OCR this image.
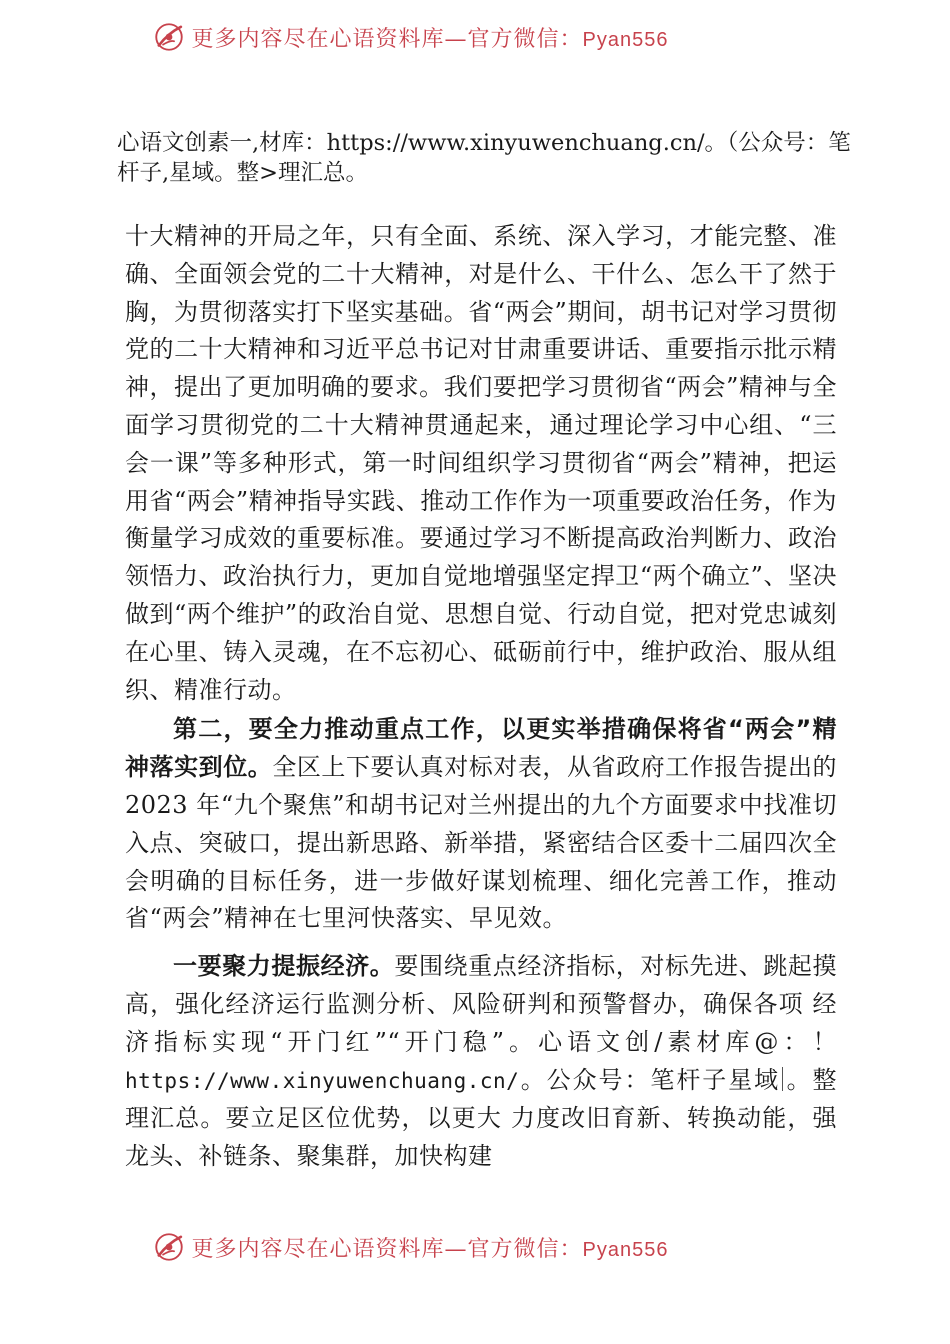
更多内容尽在心语资料库—官方微信：Pyan556
心语文创素一,材库：https://www.xinyuwenchuang.cn/。（公众号：笔杆子,星域。整>理汇总。

十大精神的开局之年，只有全面、系统、深入学习，才能完整、准确、全面领会党的二十大精神，对是什么、干什么、怎么干了然于胸，为贯彻落实打下坚实基础。省“两会”期间，胡书记对学习贯彻党的二十大精神和习近平总书记对甘肃重要讲话、重要指示批示精神，提出了更加明确的要求。我们要把学习贯彻省“两会”精神与全面学习贯彻党的二十大精神贯通起来，通过理论学习中心组、“三会一课”等多种形式，第一时间组织学习贯彻省“两会”精神，把运用省“两会”精神指导实践、推动工作作为一项重要政治任务，作为衡量学习成效的重要标准。要通过学习不断提高政治判断力、政治领悟力、政治执行力，更加自觉地增强坚定捍卫“两个确立”、坚决做到“两个维护”的政治自觉、思想自觉、行动自觉，把对党忠诚刻在心里、铸入灵魂，在不忘初心、砥砺前行中，维护政治、服从组织、精准行动。

第二，要全力推动重点工作，以更实举措确保将省“两会”精神落实到位。全区上下要认真对标对表，从省政府工作报告提出的 2023 年“九个聚焦”和胡书记对兰州提出的九个方面要求中找准切入点、突破口，提出新思路、新举措，紧密结合区委十二届四次全会明确的目标任务，进一步做好谋划梳理、细化完善工作，推动省“两会”精神在七里河快落实、早见效。

一要聚力提振经济。要围绕重点经济指标，对标先进、跳起摸高，强化经济运行监测分析、风险研判和预警督办，确保各项 经济指标实现“开门红”“开门稳”。心语文创/素材库@：！https://www.xinyuwenchuang.cn/。公众号：笔杆子星域 。整理汇总。要立足区位优势，以更大 力度改旧育新、转换动能，强龙头、补链条、聚集群，加快构建

更多内容尽在心语资料库—官方微信：Pyan556
